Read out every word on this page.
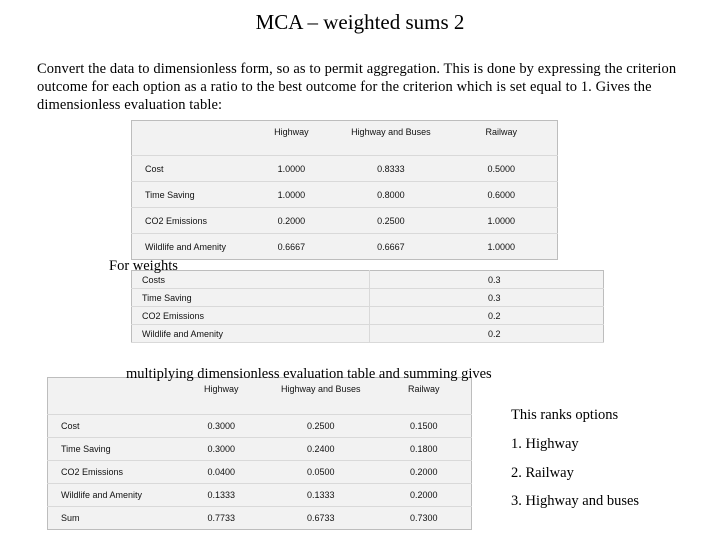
MCA – weighted sums 2
Convert the data to dimensionless form, so as to permit aggregation. This is done by expressing the criterion outcome for each option as a ratio to the best outcome for the criterion which is set equal to 1. Gives the dimensionless evaluation table:
	Highway	Highway and Buses	Railway
Cost	1.0000	0.8333	0.5000
Time Saving	1.0000	0.8000	0.6000
CO2 Emissions	0.2000	0.2500	1.0000
Wildlife and Amenity	0.6667	0.6667	1.0000
Costs	0.3
Time Saving	0.3
CO2 Emissions	0.2
Wildlife and Amenity	0.2
For weights
	Highway	Highway and Buses	Railway
Cost	0.3000	0.2500	0.1500
Time Saving	0.3000	0.2400	0.1800
CO2 Emissions	0.0400	0.0500	0.2000
Wildlife and Amenity	0.1333	0.1333	0.2000
Sum	0.7733	0.6733	0.7300
multiplying dimensionless evaluation table and summing gives
This ranks options
1. Highway
2. Railway
3. Highway and buses
